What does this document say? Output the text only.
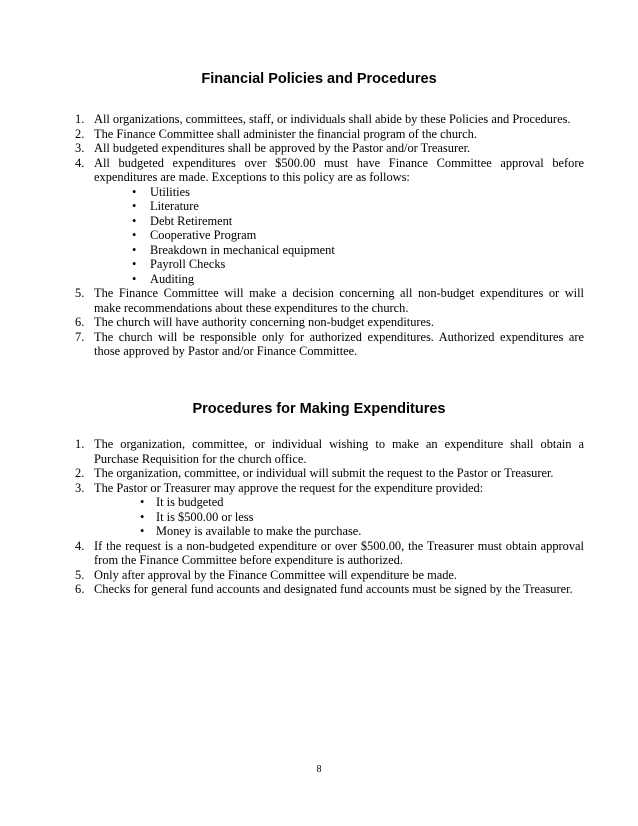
Financial Policies and Procedures
1. All organizations, committees, staff, or individuals shall abide by these Policies and Procedures.
2. The Finance Committee shall administer the financial program of the church.
3. All budgeted expenditures shall be approved by the Pastor and/or Treasurer.
4. All budgeted expenditures over $500.00 must have Finance Committee approval before expenditures are made. Exceptions to this policy are as follows:
• Utilities
• Literature
• Debt Retirement
• Cooperative Program
• Breakdown in mechanical equipment
• Payroll Checks
• Auditing
5. The Finance Committee will make a decision concerning all non-budget expenditures or will make recommendations about these expenditures to the church.
6. The church will have authority concerning non-budget expenditures.
7. The church will be responsible only for authorized expenditures. Authorized expenditures are those approved by Pastor and/or Finance Committee.
Procedures for Making Expenditures
1. The organization, committee, or individual wishing to make an expenditure shall obtain a Purchase Requisition for the church office.
2. The organization, committee, or individual will submit the request to the Pastor or Treasurer.
3. The Pastor or Treasurer may approve the request for the expenditure provided:
• It is budgeted
• It is $500.00 or less
• Money is available to make the purchase.
4. If the request is a non-budgeted expenditure or over $500.00, the Treasurer must obtain approval from the Finance Committee before expenditure is authorized.
5. Only after approval by the Finance Committee will expenditure be made.
6. Checks for general fund accounts and designated fund accounts must be signed by the Treasurer.
8
